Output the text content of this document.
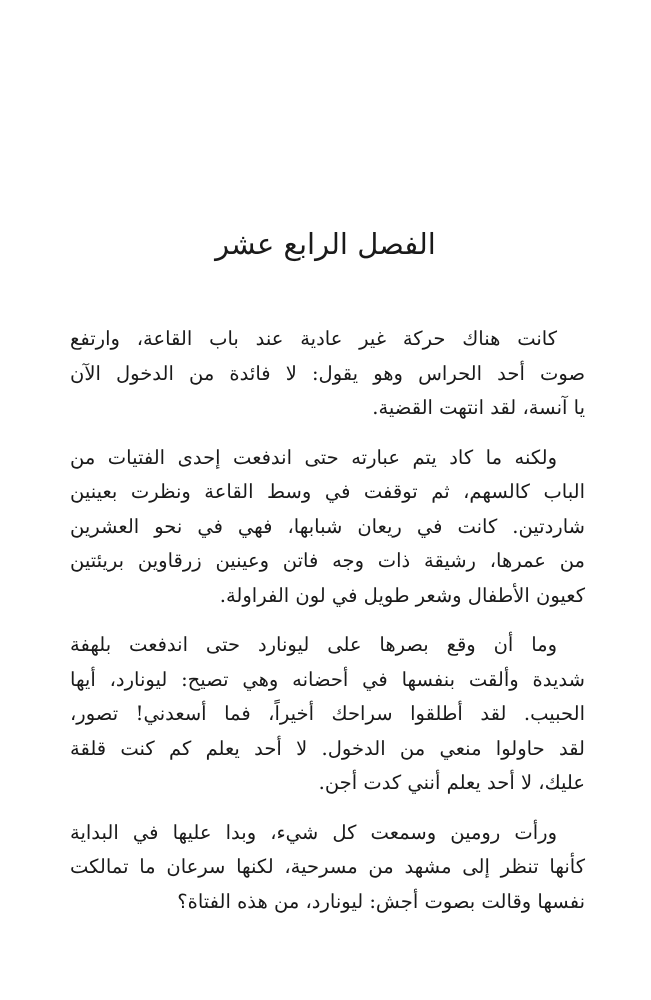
الفصل الرابع عشر

كانت هناك حركة غير عادية عند باب القاعة، وارتفع
صوت أحد الحراس وهو يقول: لا فائدة من الدخول الآن
يا آنسة، لقد انتهت القضية.

ولكنه ما كاد يتم عبارته حتى اندفعت إحدى الفتيات من
الباب كالسهم، ثم توقفت في وسط القاعة ونظرت بعينين
شاردتين. كانت في ريعان شبابها، فهي في نحو العشرين
من عمرها، رشيقة ذات وجه فاتن وعينين زرقاوين بريئتين
كعيون الأطفال وشعر طويل في لون الفراولة.

وما أن وقع بصرها على ليونارد حتى اندفعت بلهفة
شديدة وألقت بنفسها في أحضانه وهي تصيح: ليونارد، أيها
الحبيب. لقد أطلقوا سراحك أخيراً، فما أسعدني! تصور،
لقد حاولوا منعي من الدخول. لا أحد يعلم كم كنت قلقة
عليك، لا أحد يعلم أنني كدت أجن.

ورأت رومين وسمعت كل شيء، وبدا عليها في البداية
كأنها تنظر إلى مشهد من مسرحية، لكنها سرعان ما تمالكت
نفسها وقالت بصوت أجش: ليونارد، من هذه الفتاة؟
